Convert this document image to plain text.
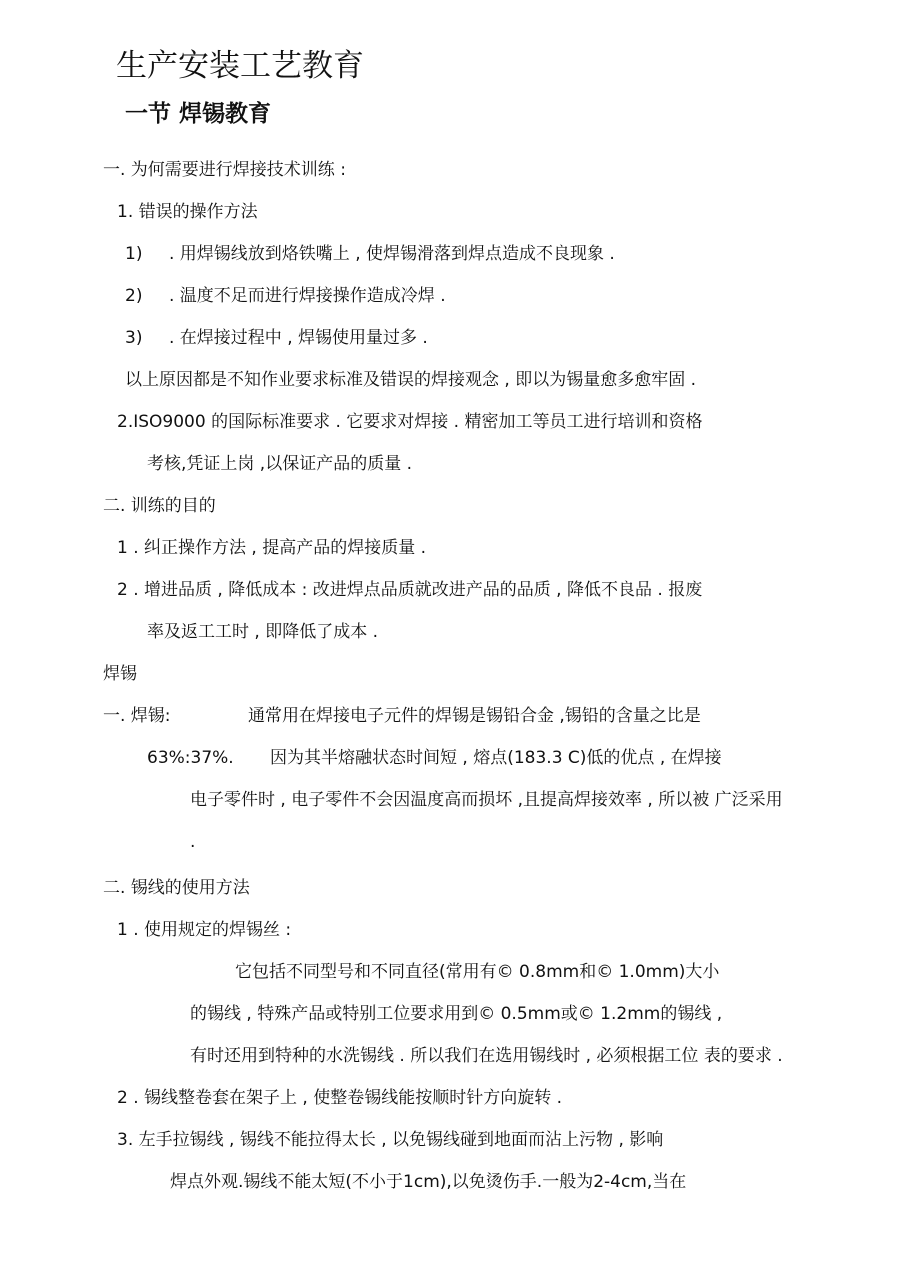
生产安装工艺教育
一节 焊锡教育
一. 为何需要进行焊接技术训练 :
1. 错误的操作方法
1) . 用焊锡线放到烙铁嘴上 , 使焊锡滑落到焊点造成不良现象 .
2) . 温度不足而进行焊接操作造成冷焊 .
3) . 在焊接过程中 , 焊锡使用量过多 .
以上原因都是不知作业要求标准及错误的焊接观念 , 即以为锡量愈多愈牢固 .
2.ISO9000 的国际标准要求 . 它要求对焊接 . 精密加工等员工进行培训和资格
考核,凭证上岗 ,以保证产品的质量 .
二. 训练的目的
1 . 纠正操作方法 , 提高产品的焊接质量 .
2 . 增进品质 , 降低成本 : 改进焊点品质就改进产品的品质 , 降低不良品 . 报废
率及返工工时 , 即降低了成本 .
焊锡
一. 焊锡:	通常用在焊接电子元件的焊锡是锡铅合金 ,锡铅的含量之比是
63%:37%. 因为其半熔融状态时间短 , 熔点(183.3 C)低的优点 , 在焊接
电子零件时 , 电子零件不会因温度高而损坏 ,且提高焊接效率 , 所以被 广泛采用
.
二. 锡线的使用方法
1 . 使用规定的焊锡丝 :
它包括不同型号和不同直径(常用有© 0.8mm和© 1.0mm)大小
的锡线 , 特殊产品或特别工位要求用到© 0.5mm或© 1.2mm的锡线 ,
有时还用到特种的水洗锡线 . 所以我们在选用锡线时 , 必须根据工位 表的要求 .
2 . 锡线整卷套在架子上 , 使整卷锡线能按顺时针方向旋转 .
3. 左手拉锡线 , 锡线不能拉得太长 , 以免锡线碰到地面而沾上污物 , 影响
焊点外观.锡线不能太短(不小于1cm),以免烫伤手.一般为2-4cm,当在
